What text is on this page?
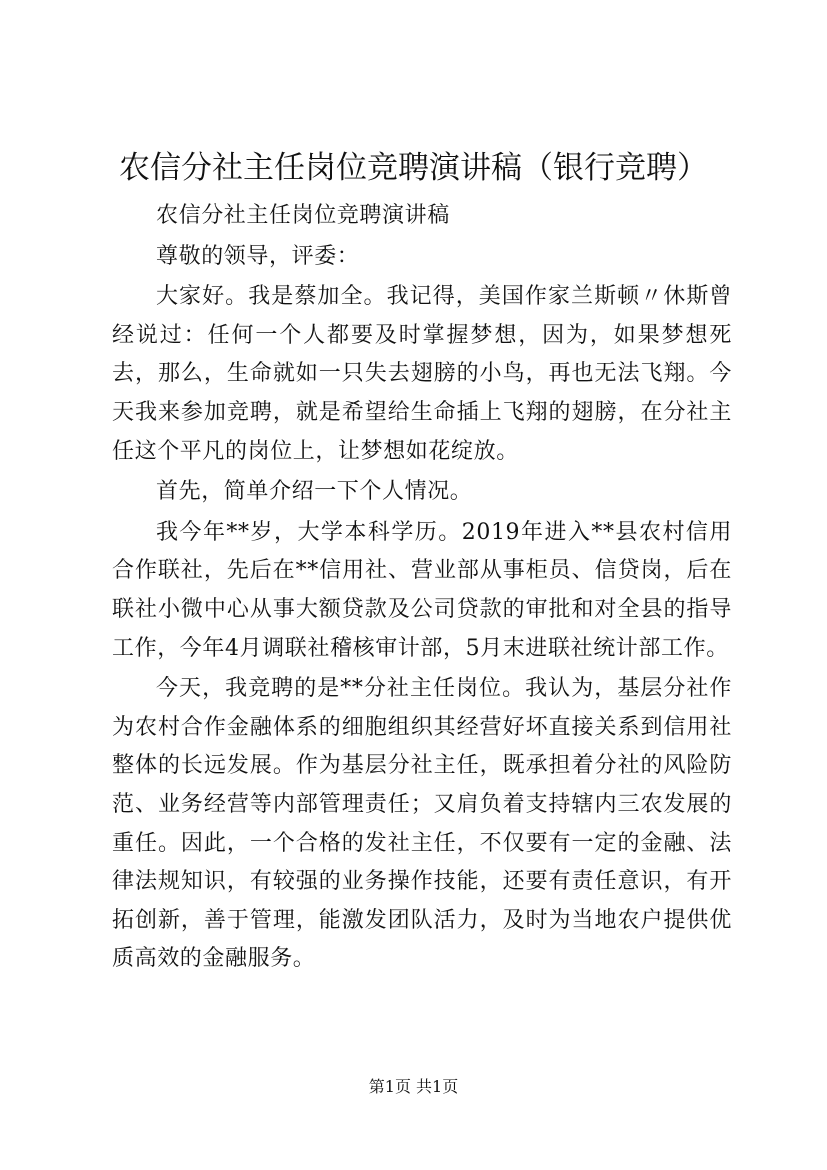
农信分社主任岗位竞聘演讲稿（银行竞聘）

农信分社主任岗位竞聘演讲稿

尊敬的领导，评委：

大家好。我是蔡加全。我记得，美国作家兰斯顿〃休斯曾经说过：任何一个人都要及时掌握梦想，因为，如果梦想死去，那么，生命就如一只失去翅膀的小鸟，再也无法飞翔。今天我来参加竞聘，就是希望给生命插上飞翔的翅膀，在分社主任这个平凡的岗位上，让梦想如花绽放。

首先，简单介绍一下个人情况。

我今年**岁，大学本科学历。2019年进入**县农村信用合作联社，先后在**信用社、营业部从事柜员、信贷岗，后在联社小微中心从事大额贷款及公司贷款的审批和对全县的指导工作，今年4月调联社稽核审计部，5月末进联社统计部工作。

今天，我竞聘的是**分社主任岗位。我认为，基层分社作为农村合作金融体系的细胞组织其经营好坏直接关系到信用社整体的长远发展。作为基层分社主任，既承担着分社的风险防范、业务经营等内部管理责任；又肩负着支持辖内三农发展的重任。因此，一个合格的发社主任，不仅要有一定的金融、法律法规知识，有较强的业务操作技能，还要有责任意识，有开拓创新，善于管理，能激发团队活力，及时为当地农户提供优质高效的金融服务。

第1页 共1页
